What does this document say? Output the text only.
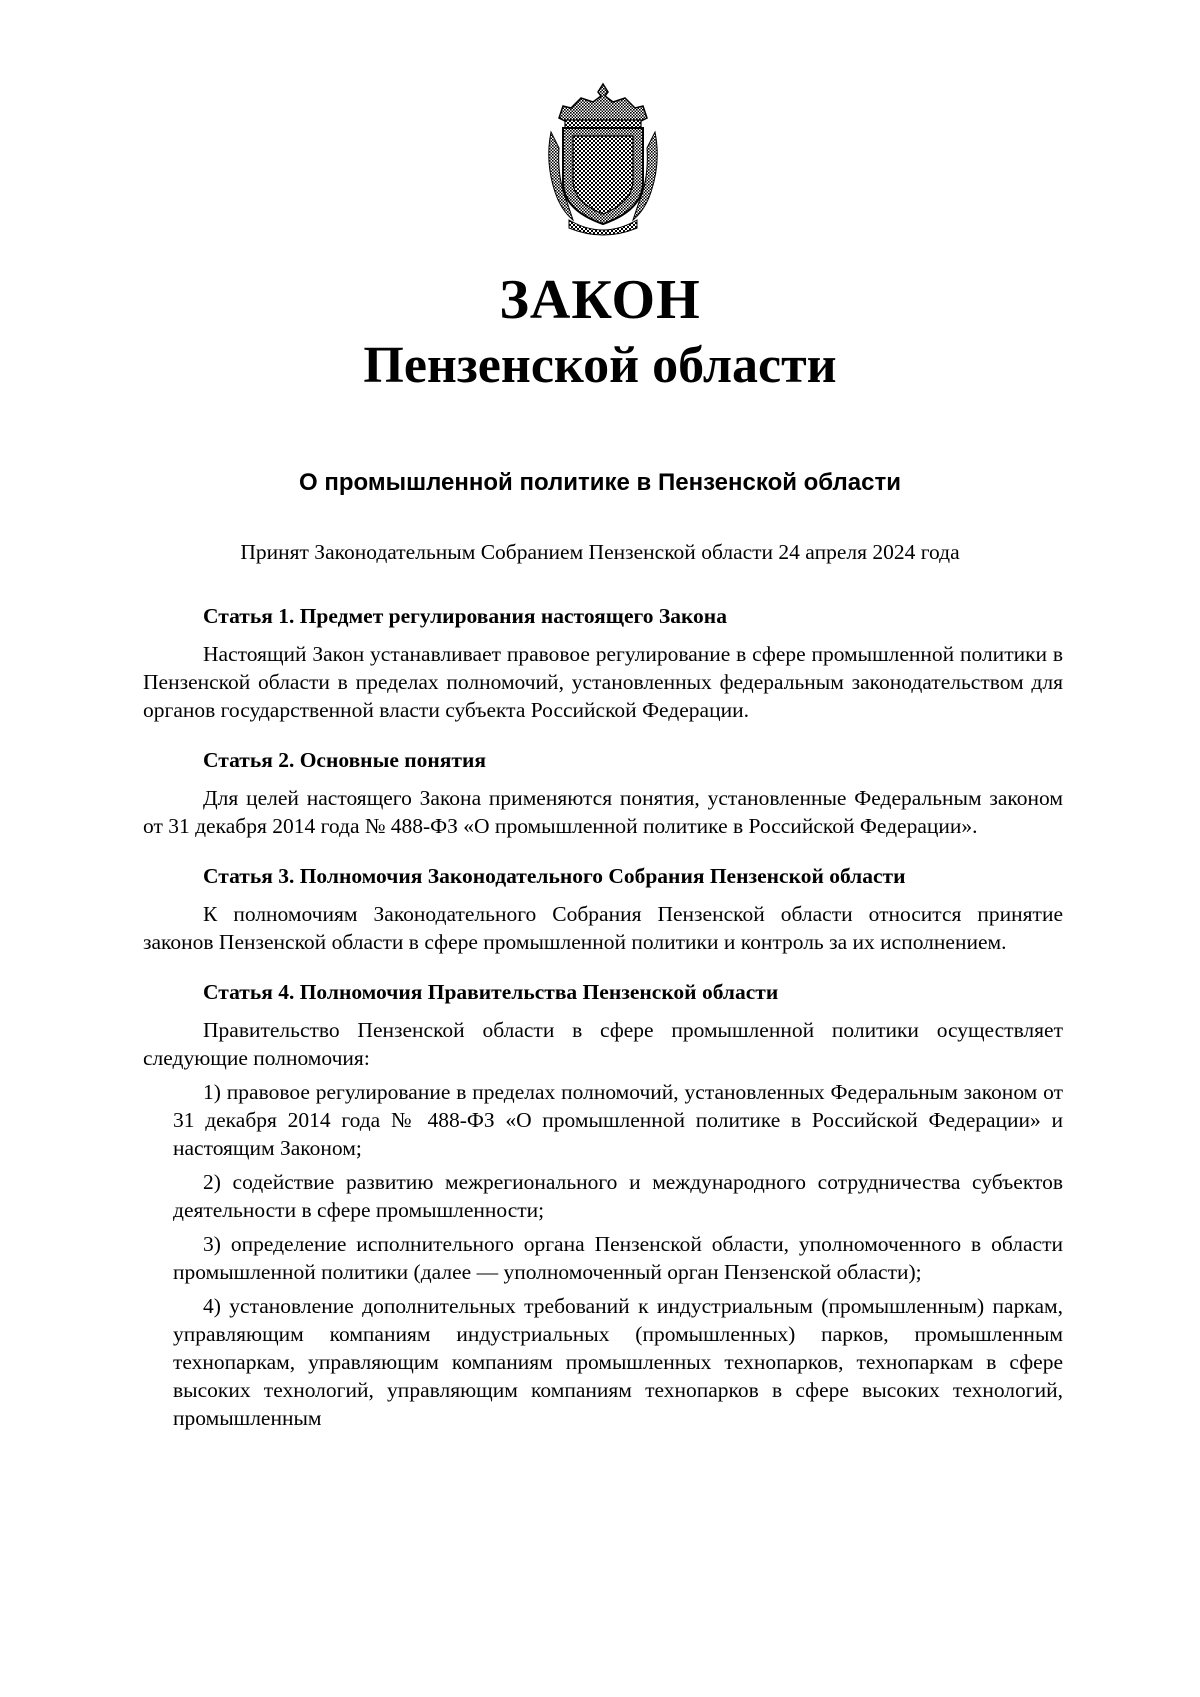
ЗАКОН
Пензенской области
О промышленной политике в Пензенской области
Принят Законодательным Собранием Пензенской области 24 апреля 2024 года
Статья 1. Предмет регулирования настоящего Закона
Настоящий Закон устанавливает правовое регулирование в сфере промышленной политики в Пензенской области в пределах полномочий, установленных федеральным законодательством для органов государственной власти субъекта Российской Федерации.
Статья 2. Основные понятия
Для целей настоящего Закона применяются понятия, установленные Федеральным законом от 31 декабря 2014 года № 488-ФЗ «О промышленной политике в Российской Федерации».
Статья 3. Полномочия Законодательного Собрания Пензенской области
К полномочиям Законодательного Собрания Пензенской области относится принятие законов Пензенской области в сфере промышленной политики и контроль за их исполнением.
Статья 4. Полномочия Правительства Пензенской области
Правительство Пензенской области в сфере промышленной политики осуществляет следующие полномочия:
1) правовое регулирование в пределах полномочий, установленных Федеральным законом от 31 декабря 2014 года № 488-ФЗ «О промышленной политике в Российской Федерации» и настоящим Законом;
2) содействие развитию межрегионального и международного сотрудничества субъектов деятельности в сфере промышленности;
3) определение исполнительного органа Пензенской области, уполномоченного в области промышленной политики (далее — уполномоченный орган Пензенской области);
4) установление дополнительных требований к индустриальным (промышленным) паркам, управляющим компаниям индустриальных (промышленных) парков, промышленным технопаркам, управляющим компаниям промышленных технопарков, технопаркам в сфере высоких технологий, управляющим компаниям технопарков в сфере высоких технологий, промышленным
